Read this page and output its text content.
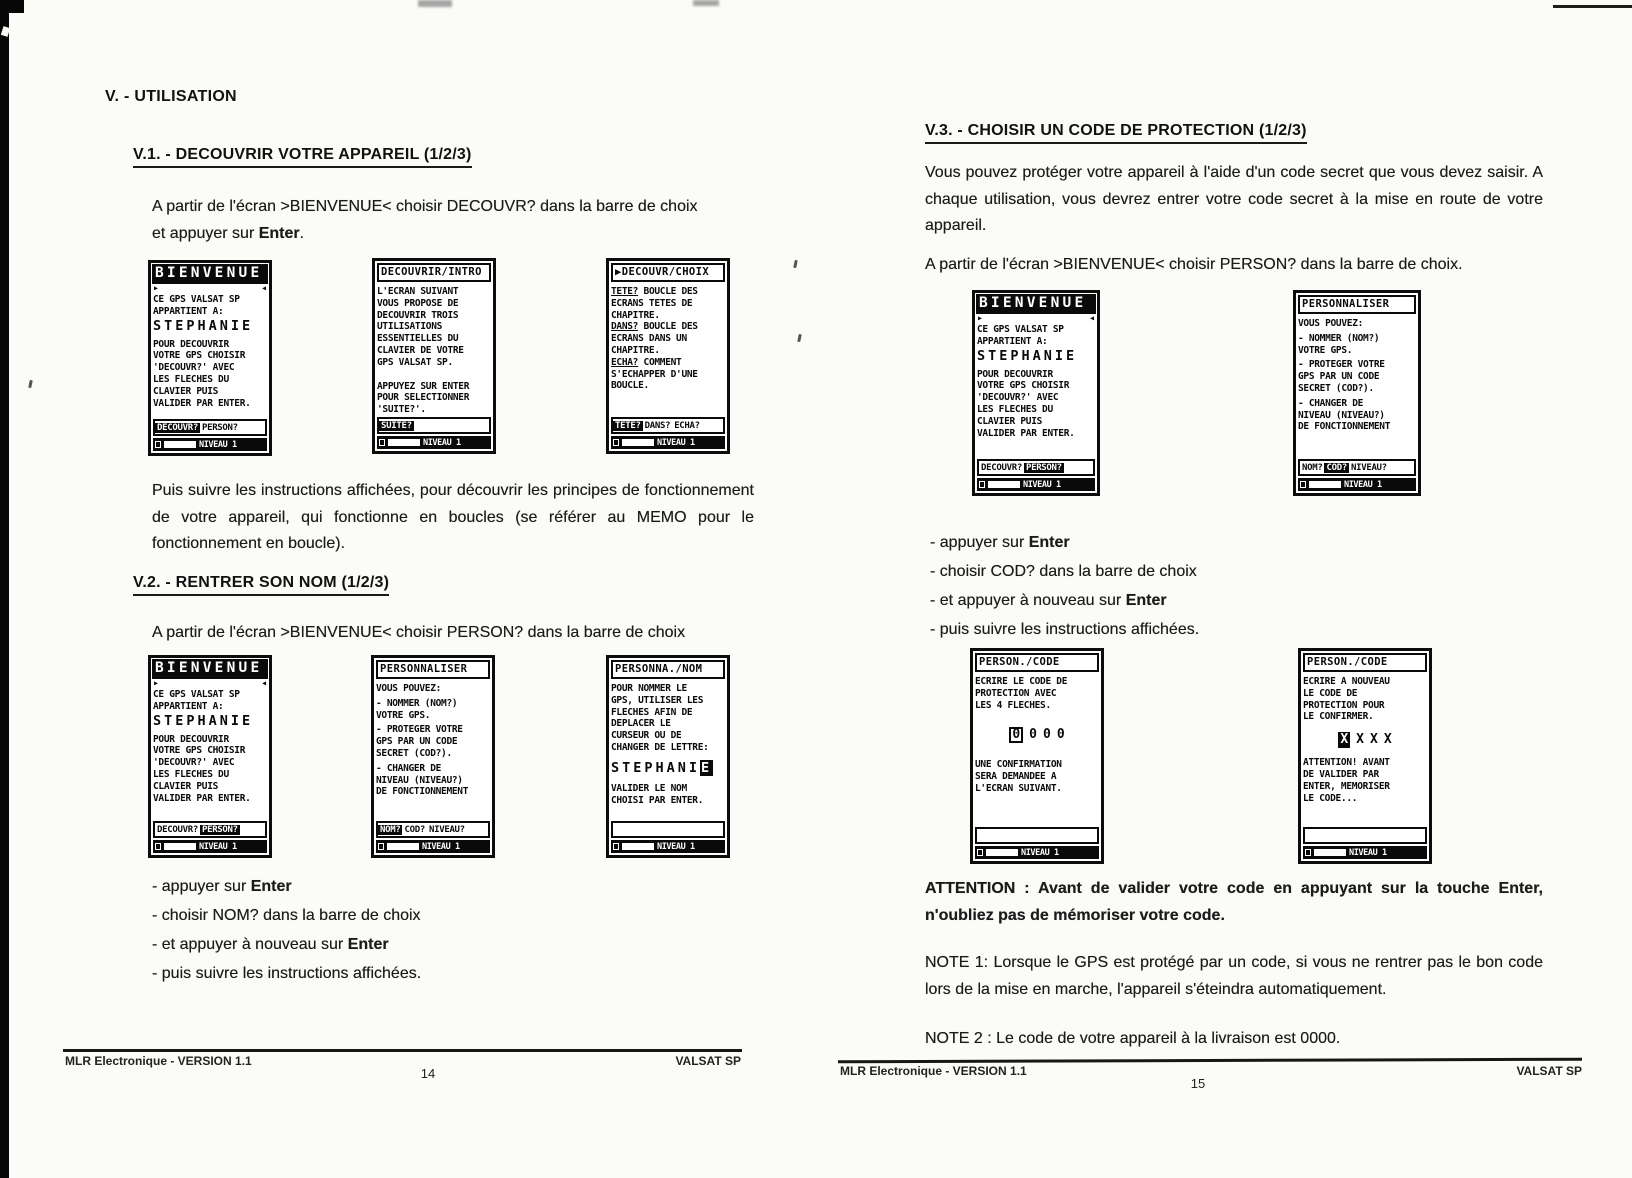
V. - UTILISATION
V.1. - DECOUVRIR VOTRE APPAREIL (1/2/3)
A partir de l'écran >BIENVENUE< choisir DECOUVR? dans la barre de choix
et appuyer sur Enter.
BIENVENUE
▶	◀
CE GPS VALSAT SP
APPARTIENT A:
STEPHANIE
POUR DECOUVRIR
VOTRE GPS CHOISIR
'DECOUVR?' AVEC
LES FLECHES DU
CLAVIER PUIS
VALIDER PAR ENTER.
DECOUVR? PERSON?
NIVEAU 1
DECOUVRIR/INTRO
L'ECRAN SUIVANT
VOUS PROPOSE DE
DECOUVRIR TROIS
UTILISATIONS
ESSENTIELLES DU
CLAVIER DE VOTRE
GPS VALSAT SP.
APPUYEZ SUR ENTER
POUR SELECTIONNER
'SUITE?'.
SUITE?
NIVEAU 1
▶DECOUVR/CHOIX
TETE? BOUCLE DES
ECRANS TETES DE
CHAPITRE.
DANS? BOUCLE DES
ECRANS DANS UN
CHAPITRE.
ECHA? COMMENT
S'ECHAPPER D'UNE
BOUCLE.
TETE? DANS? ECHA?
NIVEAU 1
Puis suivre les instructions affichées, pour découvrir les principes de fonctionnement de votre appareil, qui fonctionne en boucles (se référer au MEMO pour le fonctionnement en boucle).
V.2. - RENTRER SON NOM (1/2/3)
A partir de l'écran >BIENVENUE< choisir PERSON? dans la barre de choix
BIENVENUE
▶	◀
CE GPS VALSAT SP
APPARTIENT A:
STEPHANIE
POUR DECOUVRIR
VOTRE GPS CHOISIR
'DECOUVR?' AVEC
LES FLECHES DU
CLAVIER PUIS
VALIDER PAR ENTER.
DECOUVR? PERSON?
NIVEAU 1
PERSONNALISER
VOUS POUVEZ:
- NOMMER (NOM?)
VOTRE GPS.
- PROTEGER VOTRE
GPS PAR UN CODE
SECRET (COD?).
- CHANGER DE
NIVEAU (NIVEAU?)
DE FONCTIONNEMENT
NOM? COD? NIVEAU?
NIVEAU 1
PERSONNA./NOM
POUR NOMMER LE
GPS, UTILISER LES
FLECHES AFIN DE
DEPLACER LE
CURSEUR OU DE
CHANGER DE LETTRE:
STEPHANIE
VALIDER LE NOM
CHOISI PAR ENTER.
NIVEAU 1
- appuyer sur Enter
- choisir NOM? dans la barre de choix
- et appuyer à nouveau sur Enter
- puis suivre les instructions affichées.
MLR Electronique - VERSION 1.1	VALSAT SP
14
V.3. - CHOISIR UN CODE DE PROTECTION (1/2/3)
Vous pouvez protéger votre appareil à l'aide d'un code secret que vous devez saisir. A chaque utilisation, vous devrez entrer votre code secret à la mise en route de votre appareil.
A partir de l'écran >BIENVENUE< choisir PERSON? dans la barre de choix.
BIENVENUE
▶	◀
CE GPS VALSAT SP
APPARTIENT A:
STEPHANIE
POUR DECOUVRIR
VOTRE GPS CHOISIR
'DECOUVR?' AVEC
LES FLECHES DU
CLAVIER PUIS
VALIDER PAR ENTER.
DECOUVR? PERSON?
NIVEAU 1
PERSONNALISER
VOUS POUVEZ:
- NOMMER (NOM?)
VOTRE GPS.
- PROTEGER VOTRE
GPS PAR UN CODE
SECRET (COD?).
- CHANGER DE
NIVEAU (NIVEAU?)
DE FONCTIONNEMENT
NOM? COD? NIVEAU?
NIVEAU 1
- appuyer sur Enter
- choisir COD? dans la barre de choix
- et appuyer à nouveau sur Enter
- puis suivre les instructions affichées.
PERSON./CODE
ECRIRE LE CODE DE
PROTECTION AVEC
LES 4 FLECHES.
0 0 0 0
UNE CONFIRMATION
SERA DEMANDEE A
L'ECRAN SUIVANT.
NIVEAU 1
PERSON./CODE
ECRIRE A NOUVEAU
LE CODE DE
PROTECTION POUR
LE CONFIRMER.
X X X X
ATTENTION! AVANT
DE VALIDER PAR
ENTER, MEMORISER
LE CODE...
NIVEAU 1
ATTENTION : Avant de valider votre code en appuyant sur la touche Enter, n'oubliez pas de mémoriser votre code.
NOTE 1: Lorsque le GPS est protégé par un code, si vous ne rentrer pas le bon code lors de la mise en marche, l'appareil s'éteindra automatiquement.
NOTE 2 : Le code de votre appareil à la livraison est 0000.
MLR Electronique - VERSION 1.1	VALSAT SP
15
